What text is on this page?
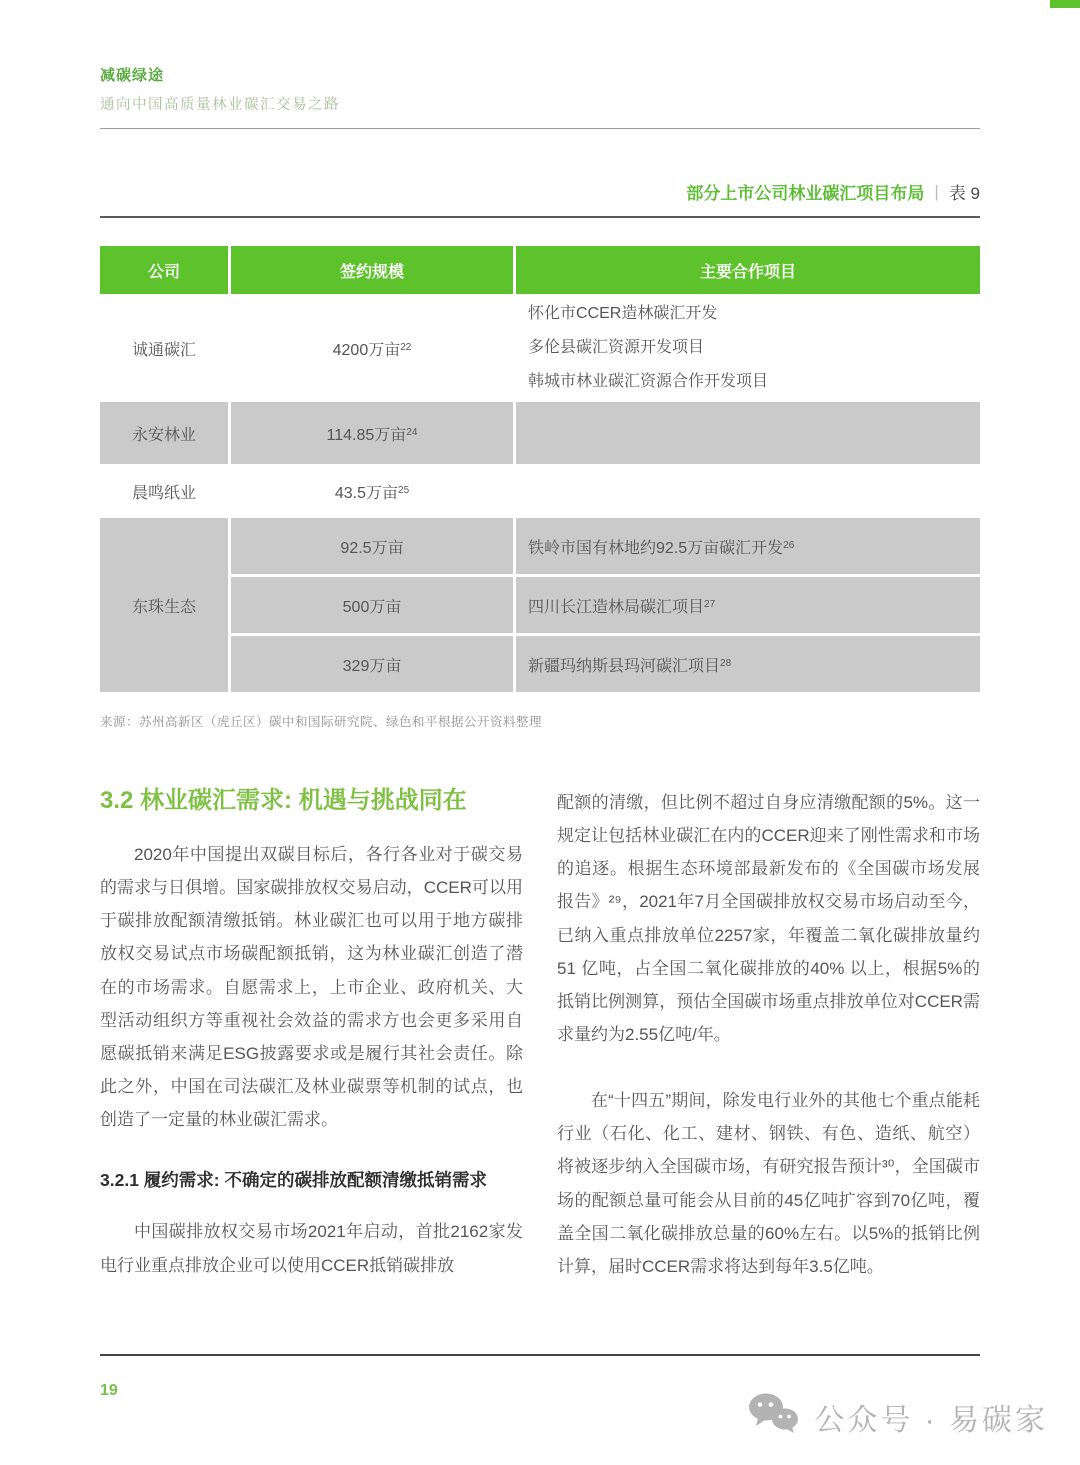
减碳绿途
通向中国高质量林业碳汇交易之路
部分上市公司林业碳汇项目布局 | 表 9
公司	签约规模	主要合作项目
诚通碳汇	4200万亩 22
怀化市CCER造林碳汇开发
多伦县碳汇资源开发项目
韩城市林业碳汇资源合作开发项目
永安林业	114.85万亩 24
晨鸣纸业	43.5万亩 25
东珠生态
92.5万亩	铁岭市国有林地约92.5万亩碳汇开发 26
500万亩	四川长江造林局碳汇项目 27
329万亩	新疆玛纳斯县玛河碳汇项目 28
来源：苏州高新区（虎丘区）碳中和国际研究院、绿色和平根据公开资料整理
3.2 林业碳汇需求: 机遇与挑战同在

2020年中国提出双碳目标后，各行各业对于碳交易的需求与日俱增。国家碳排放权交易启动，CCER可以用于碳排放配额清缴抵销。林业碳汇也可以用于地方碳排放权交易试点市场碳配额抵销，这为林业碳汇创造了潜在的市场需求。自愿需求上，上市企业、政府机关、大型活动组织方等重视社会效益的需求方也会更多采用自愿碳抵销来满足ESG披露要求或是履行其社会责任。除此之外，中国在司法碳汇及林业碳票等机制的试点，也创造了一定量的林业碳汇需求。

3.2.1 履约需求: 不确定的碳排放配额清缴抵销需求

中国碳排放权交易市场2021年启动，首批2162家发电行业重点排放企业可以使用CCER抵销碳排放

配额的清缴，但比例不超过自身应清缴配额的5%。这一规定让包括林业碳汇在内的CCER迎来了刚性需求和市场的追逐。根据生态环境部最新发布的《全国碳市场发展报告》²⁹，2021年7月全国碳排放权交易市场启动至今，已纳入重点排放单位2257家，年覆盖二氧化碳排放量约 51 亿吨，占全国二氧化碳排放的40% 以上，根据5%的抵销比例测算，预估全国碳市场重点排放单位对CCER需求量约为2.55亿吨/年。

在“十四五”期间，除发电行业外的其他七个重点能耗行业（石化、化工、建材、钢铁、有色、造纸、航空）将被逐步纳入全国碳市场，有研究报告预计³⁰，全国碳市场的配额总量可能会从目前的45亿吨扩容到70亿吨，覆盖全国二氧化碳排放总量的60%左右。以5%的抵销比例计算，届时CCER需求将达到每年3.5亿吨。

19
公众号 · 易碳家
